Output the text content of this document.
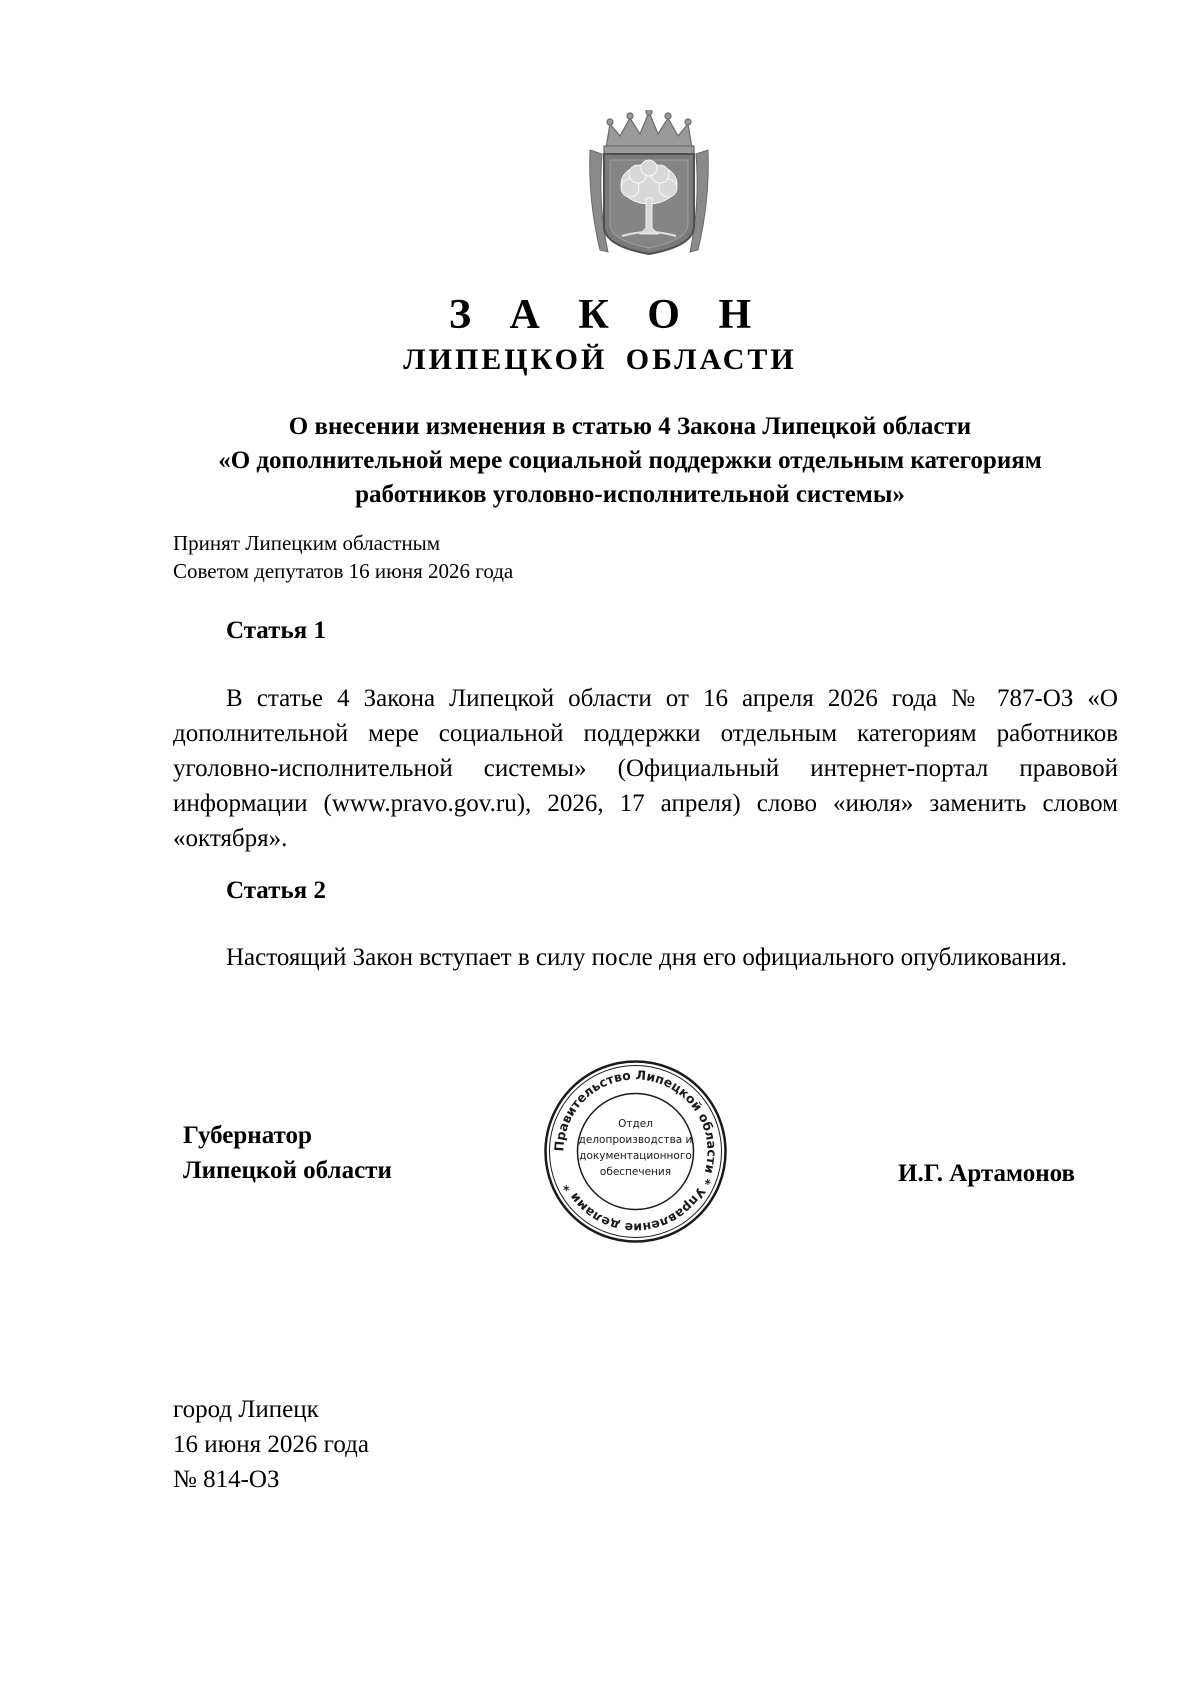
З А К О Н
ЛИПЕЦКОЙ ОБЛАСТИ
О внесении изменения в статью 4 Закона Липецкой области
«О дополнительной мере социальной поддержки отдельным категориям
работников уголовно-исполнительной системы»
Принят Липецким областным
Советом депутатов 16 июня 2026 года
Статья 1

В статье 4 Закона Липецкой области от 16 апреля 2026 года № 787-ОЗ «О дополнительной мере социальной поддержки отдельным категориям работников уголовно-исполнительной системы» (Официальный интернет-портал правовой информации (www.pravo.gov.ru), 2026, 17 апреля) слово «июля» заменить словом «октября».

Статья 2

Настоящий Закон вступает в силу после дня его официального опубликования.

Губернатор
Липецкой области	И.Г. Артамонов
Правительство Липецкой области * Управление делами *
Отдел
делопроизводства и
документационного
обеспечения
город Липецк
16 июня 2026 года
№ 814-ОЗ
